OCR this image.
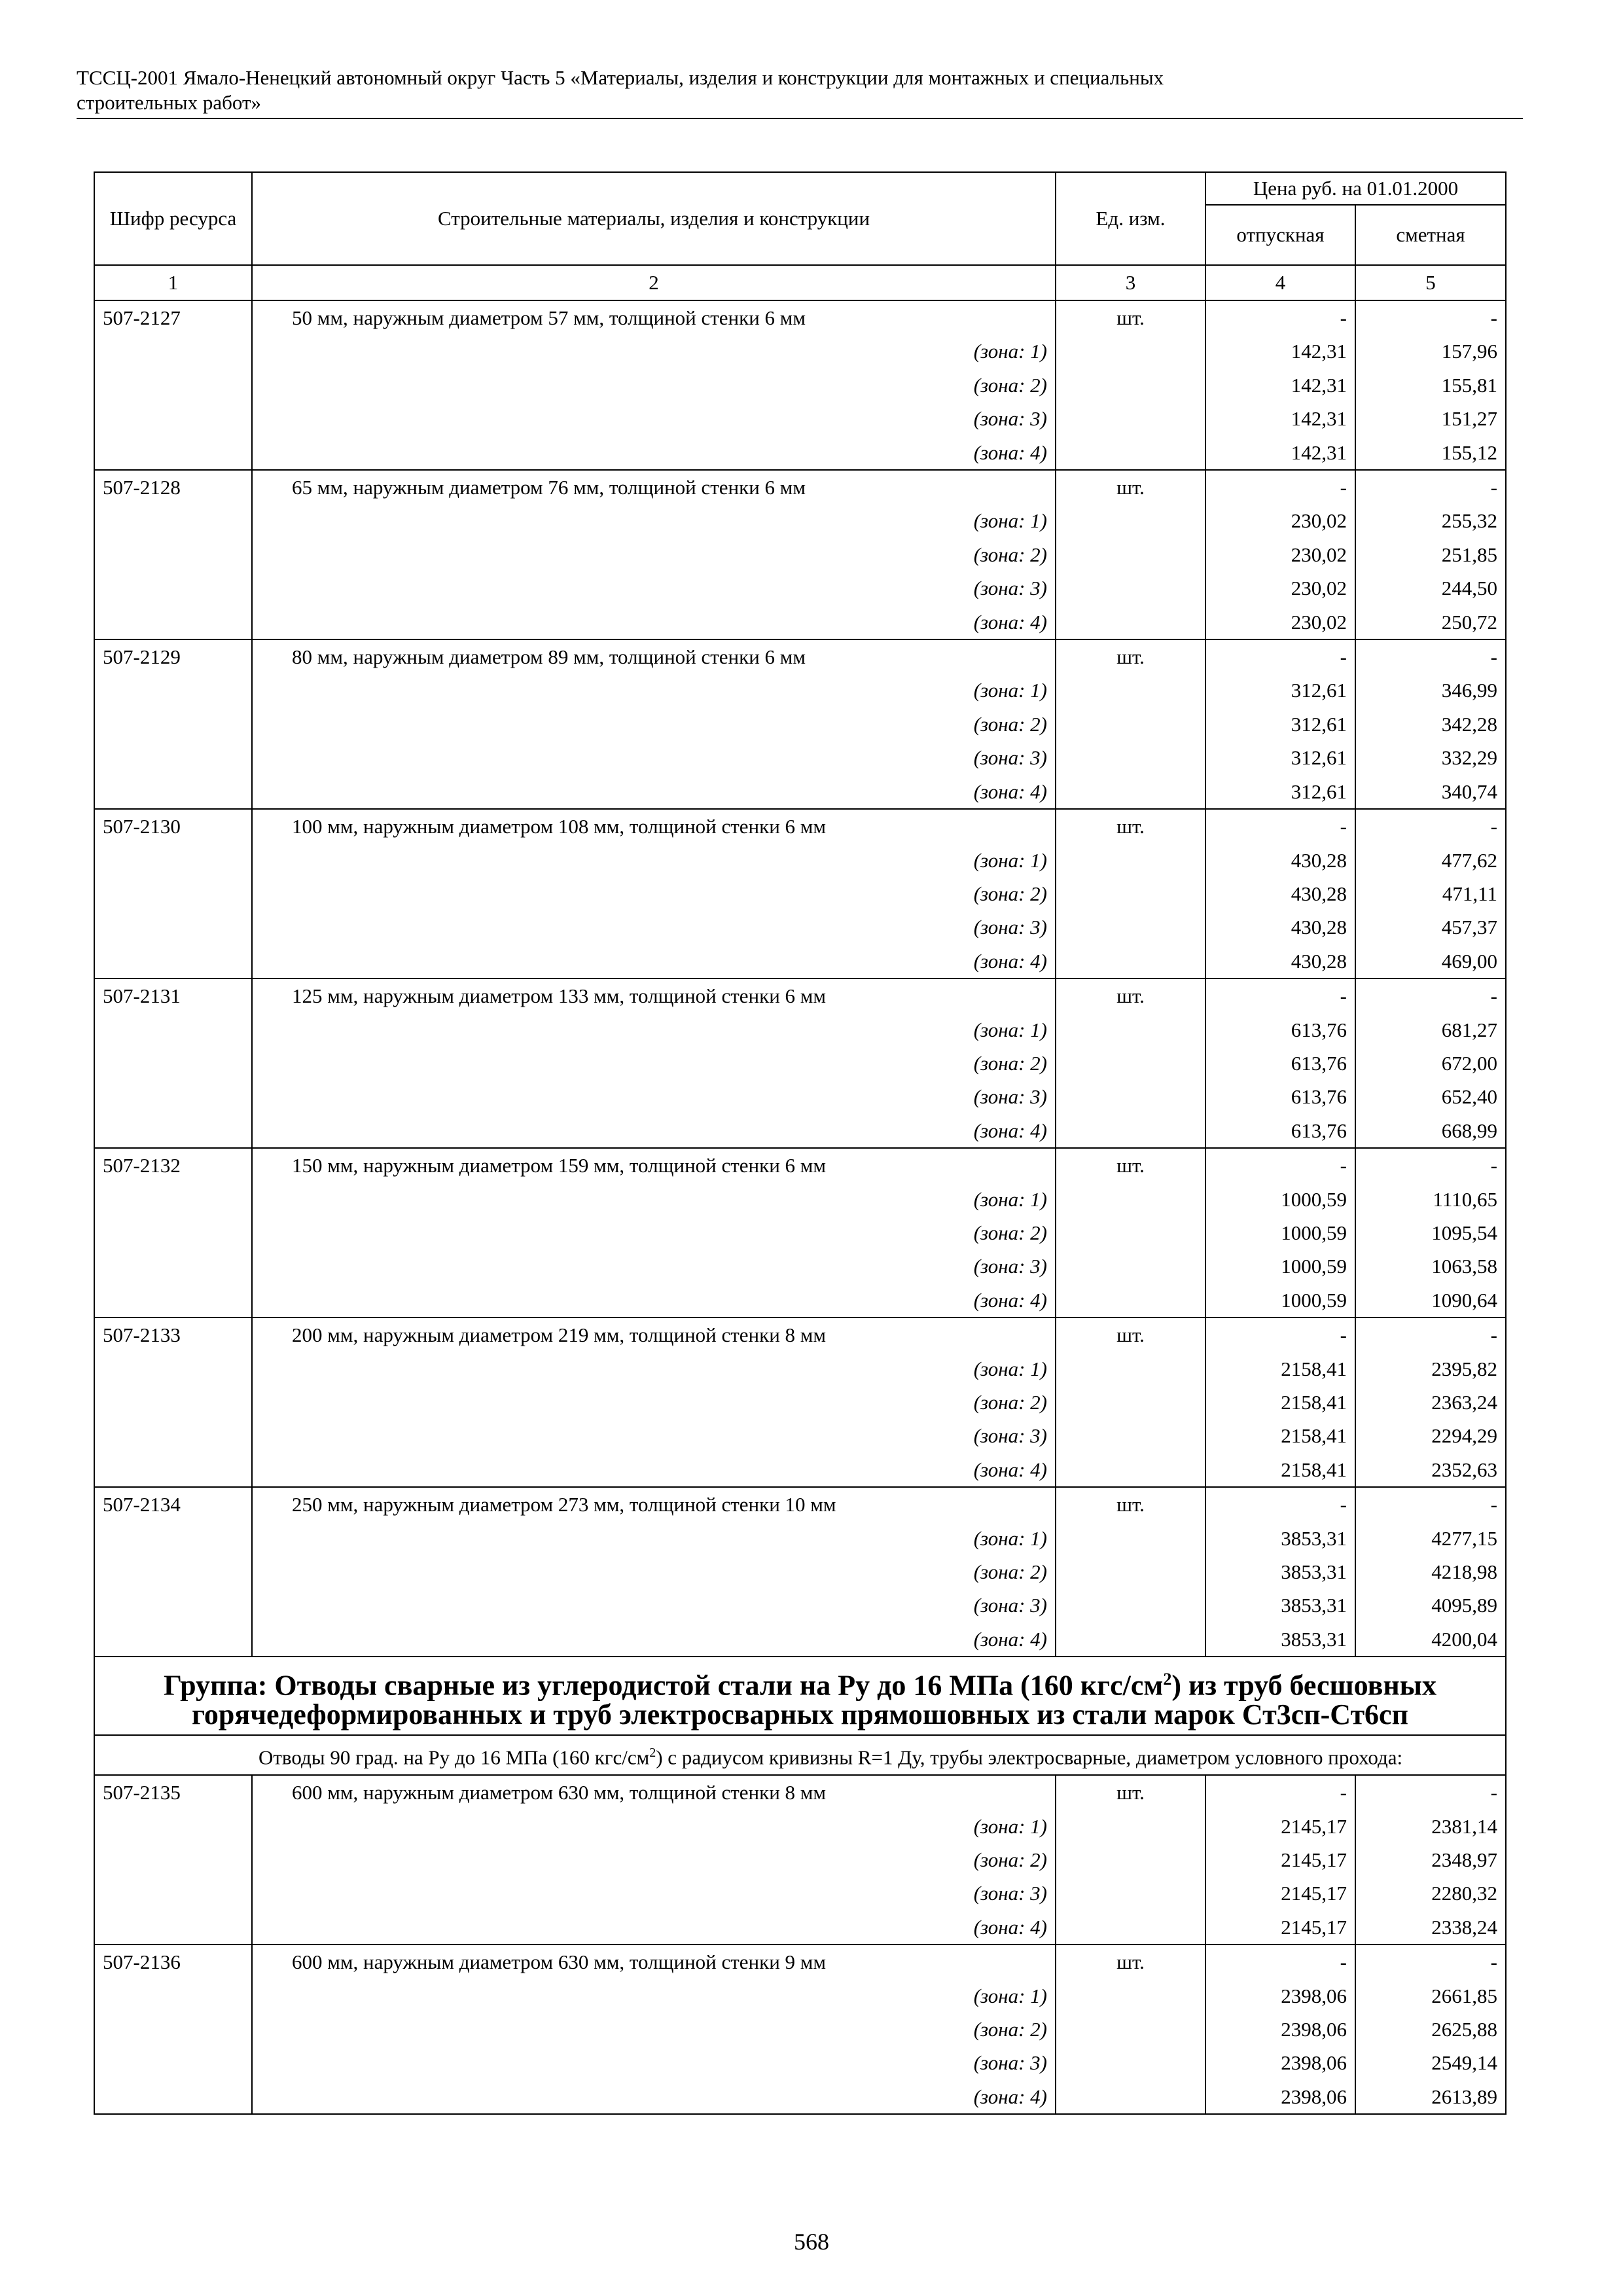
ТССЦ-2001 Ямало-Ненецкий автономный округ Часть 5 «Материалы, изделия и конструкции для монтажных и специальных
строительных работ»
Шифр ресурса	Строительные материалы, изделия и конструкции	Ед. изм.	Цена руб. на 01.01.2000	
			отпускная	сметная
1	2	3	4	5
507-2127	50 мм, наружным диаметром 57 мм, толщиной стенки 6 мм	шт.	-	-
	(зона: 1)		142,31	157,96
	(зона: 2)		142,31	155,81
	(зона: 3)		142,31	151,27
	(зона: 4)		142,31	155,12
507-2128	65 мм, наружным диаметром 76 мм, толщиной стенки 6 мм	шт.	-	-
	(зона: 1)		230,02	255,32
	(зона: 2)		230,02	251,85
	(зона: 3)		230,02	244,50
	(зона: 4)		230,02	250,72
507-2129	80 мм, наружным диаметром 89 мм, толщиной стенки 6 мм	шт.	-	-
	(зона: 1)		312,61	346,99
	(зона: 2)		312,61	342,28
	(зона: 3)		312,61	332,29
	(зона: 4)		312,61	340,74
507-2130	100 мм, наружным диаметром 108 мм, толщиной стенки 6 мм	шт.	-	-
	(зона: 1)		430,28	477,62
	(зона: 2)		430,28	471,11
	(зона: 3)		430,28	457,37
	(зона: 4)		430,28	469,00
507-2131	125 мм, наружным диаметром 133 мм, толщиной стенки 6 мм	шт.	-	-
	(зона: 1)		613,76	681,27
	(зона: 2)		613,76	672,00
	(зона: 3)		613,76	652,40
	(зона: 4)		613,76	668,99
507-2132	150 мм, наружным диаметром 159 мм, толщиной стенки 6 мм	шт.	-	-
	(зона: 1)		1000,59	1110,65
	(зона: 2)		1000,59	1095,54
	(зона: 3)		1000,59	1063,58
	(зона: 4)		1000,59	1090,64
507-2133	200 мм, наружным диаметром 219 мм, толщиной стенки 8 мм	шт.	-	-
	(зона: 1)		2158,41	2395,82
	(зона: 2)		2158,41	2363,24
	(зона: 3)		2158,41	2294,29
	(зона: 4)		2158,41	2352,63
507-2134	250 мм, наружным диаметром 273 мм, толщиной стенки 10 мм	шт.	-	-
	(зона: 1)		3853,31	4277,15
	(зона: 2)		3853,31	4218,98
	(зона: 3)		3853,31	4095,89
	(зона: 4)		3853,31	4200,04
Группа: Отводы сварные из углеродистой стали на Ру до 16 МПа (160 кгс/$см^2$) из труб бесшовных горячедеформированных и труб электросварных прямошовных из стали марок Ст3сп-Ст6сп				
Отводы 90 град. на Ру до 16 МПа (160 кгс/$см^2$) с радиусом кривизны R=1 Ду, трубы электросварные, диаметром условного прохода:				
507-2135	600 мм, наружным диаметром 630 мм, толщиной стенки 8 мм	шт.	-	-
	(зона: 1)		2145,17	2381,14
	(зона: 2)		2145,17	2348,97
	(зона: 3)		2145,17	2280,32
	(зона: 4)		2145,17	2338,24
507-2136	600 мм, наружным диаметром 630 мм, толщиной стенки 9 мм	шт.	-	-
	(зона: 1)		2398,06	2661,85
	(зона: 2)		2398,06	2625,88
	(зона: 3)		2398,06	2549,14
	(зона: 4)		2398,06	2613,89
568
